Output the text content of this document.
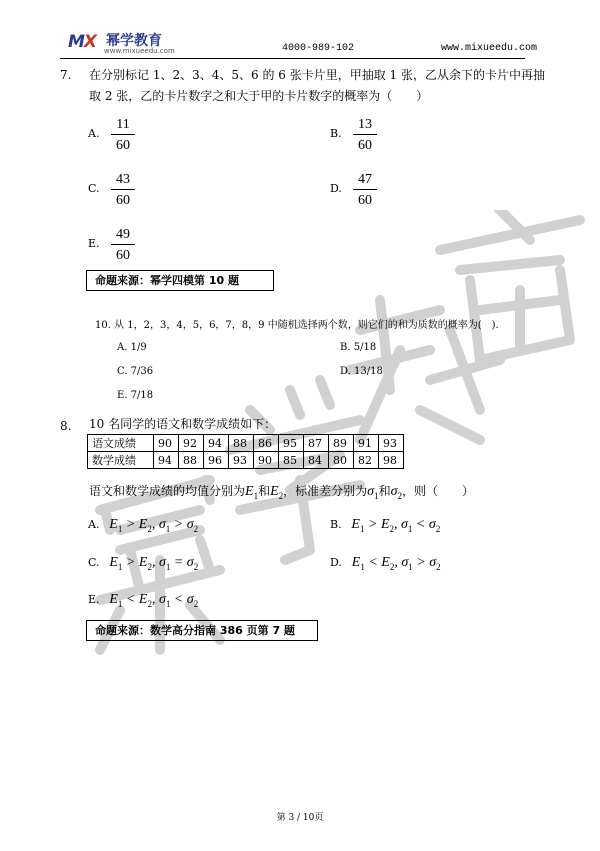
MX 幂学教育
www.mixueedu.com	4000-989-102	www.mixueedu.com
7. 在分别标记 1、2、3、4、5、6 的 6 张卡片里，甲抽取 1 张，乙从余下的卡片中再抽
取 2 张，乙的卡片数字之和大于甲的卡片数字的概率为（　　）
A.
11
60
B.
13
60
C.
43
60
D.
47
60
E.
49
60
命题来源：幂学四模第 10 题
10. 从 1，2，3，4，5，6，7，8，9 中随机选择两个数，则它们的和为质数的概率为(　).
A. 1/9	B. 5/18
C. 7/36	D. 13/18
E. 7/18
8. 10 名同学的语文和数学成绩如下：
语文成绩	90	92	94	88	86	95	87	89	91	93
数学成绩	94	88	96	93	90	85	84	80	82	98
语文和数学成绩的均值分别为$E_1$和$E_2$，标准差分别为$\sigma_1$和$\sigma_2$，则（　　）
A. $E_1 > E_2$, $\sigma_1 > \sigma_2$	B. $E_1 > E_2$, $\sigma_1 < \sigma_2$
C. $E_1 > E_2$, $\sigma_1 = \sigma_2$	D. $E_1 < E_2$, $\sigma_1 > \sigma_2$
E. $E_1 < E_2$, $\sigma_1 < \sigma_2$
命题来源：数学高分指南 386 页第 7 题
第 3 / 10页
